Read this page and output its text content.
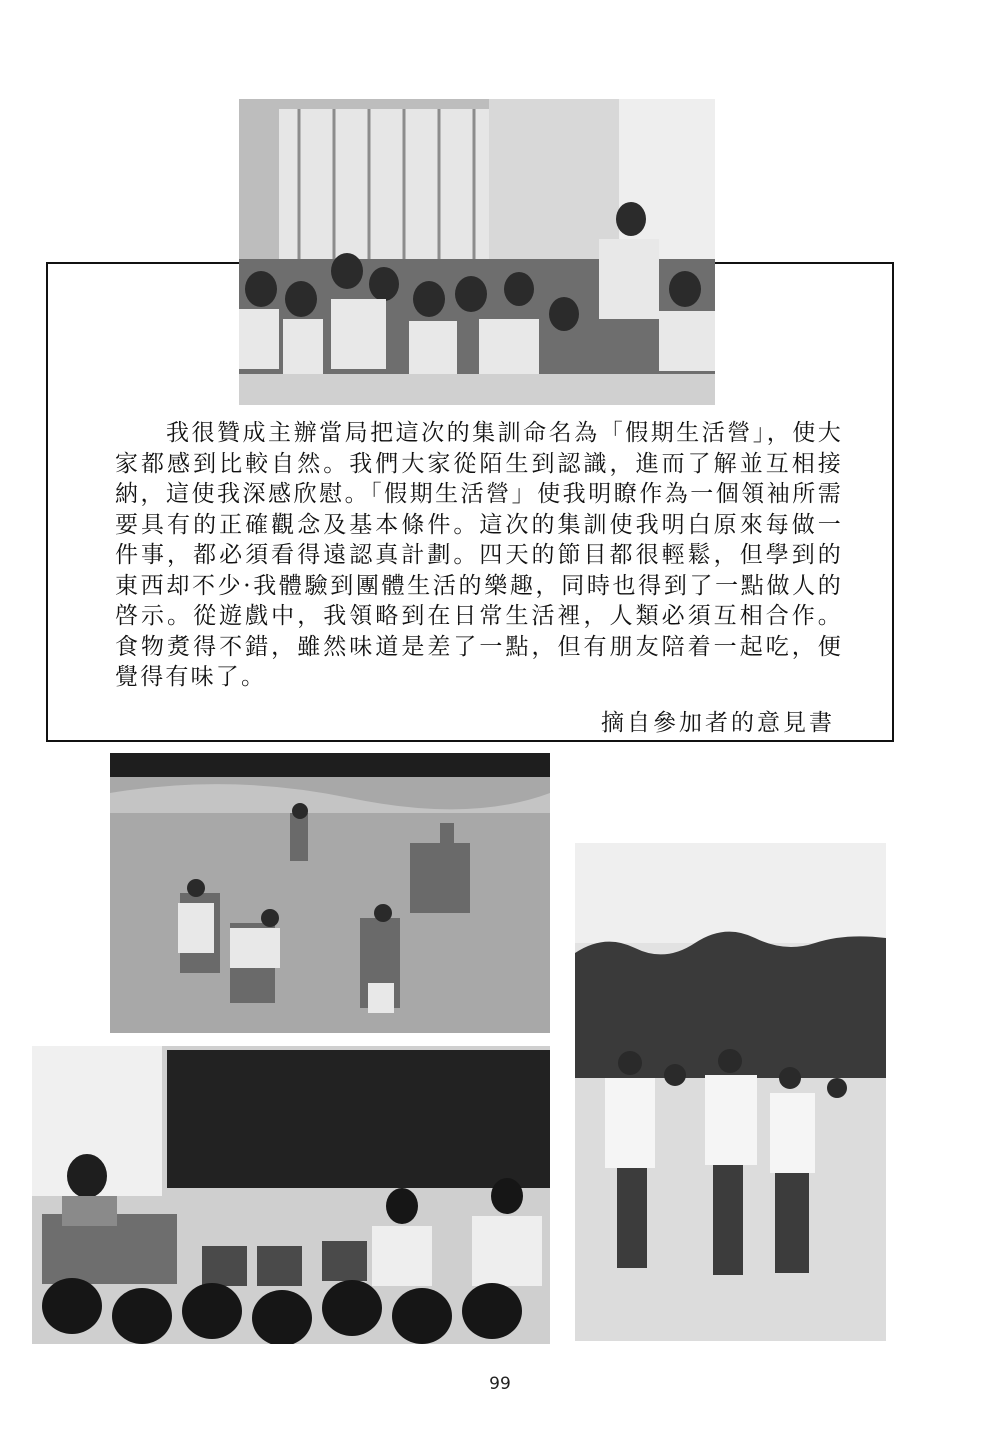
　　我很贊成主辦當局把這次的集訓命名為「假期生活營」，使大家都感到比較自然。我們大家從陌生到認識，進而了解並互相接納，這使我深感欣慰。「假期生活營」使我明瞭作為一個領袖所需要具有的正確觀念及基本條件。這次的集訓使我明白原來每做一件事，都必須看得遠認真計劃。四天的節目都很輕鬆，但學到的東西却不少·我體驗到團體生活的樂趣，同時也得到了一點做人的啓示。從遊戲中，我領略到在日常生活裡，人類必須互相合作。食物煑得不錯，雖然味道是差了一點，但有朋友陪着一起吃，便覺得有味了。

摘自參加者的意見書
99
